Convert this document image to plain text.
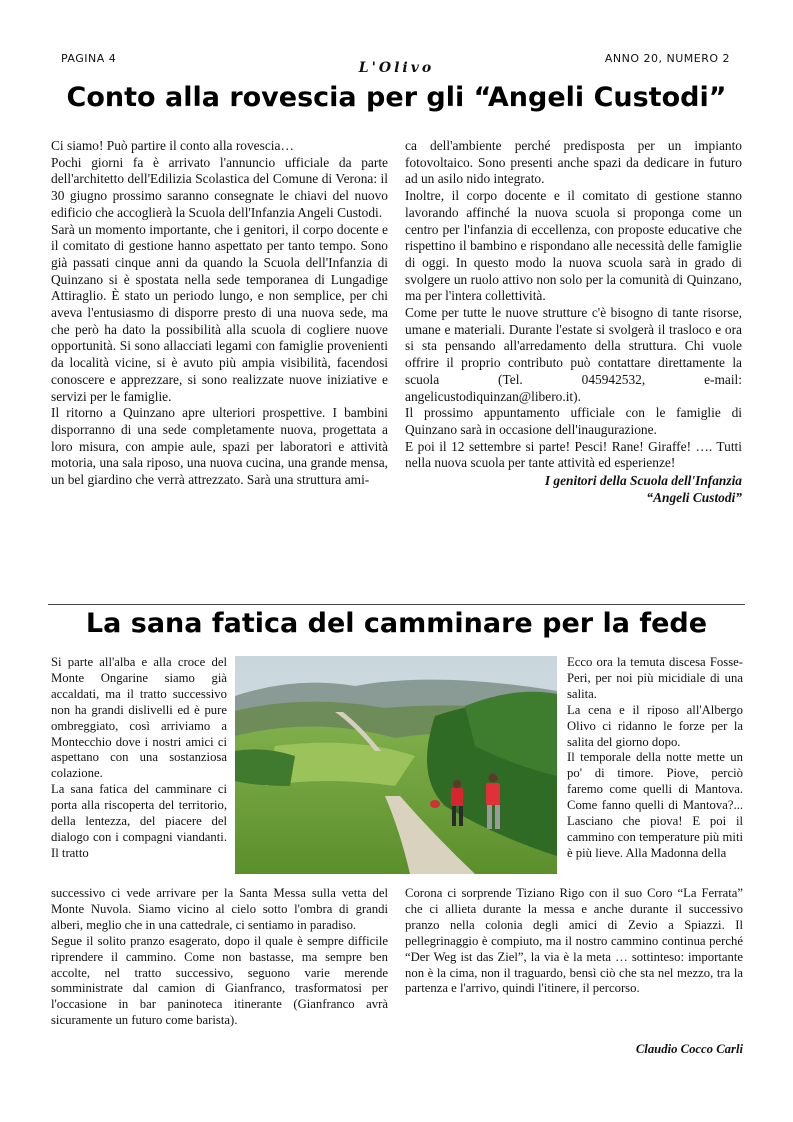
PAGINA 4
L'Olivo
ANNO 20, NUMERO 2
Conto alla rovescia per gli “Angeli Custodi”

Ci siamo! Può partire il conto alla rovescia…

Pochi giorni fa è arrivato l'annuncio ufficiale da parte dell'architetto dell'Edilizia Scolastica del Comune di Verona: il 30 giugno prossimo saranno consegnate le chiavi del nuovo edificio che accoglierà la Scuola dell'Infanzia Angeli Custodi.

Sarà un momento importante, che i genitori, il corpo docente e il comitato di gestione hanno aspettato per tanto tempo. Sono già passati cinque anni da quando la Scuola dell'Infanzia di Quinzano si è spostata nella sede temporanea di Lungadige Attiraglio. È stato un periodo lungo, e non semplice, per chi aveva l'entusiasmo di disporre presto di una nuova sede, ma che però ha dato la possibilità alla scuola di cogliere nuove opportunità. Si sono allacciati legami con famiglie provenienti da località vicine, si è avuto più ampia visibilità, facendosi conoscere e apprezzare, si sono realizzate nuove iniziative e servizi per le famiglie.

Il ritorno a Quinzano apre ulteriori prospettive. I bambini disporranno di una sede completamente nuova, progettata a loro misura, con ampie aule, spazi per laboratori e attività motoria, una sala riposo, una nuova cucina, una grande mensa, un bel giardino che verrà attrezzato. Sarà una struttura ami-

ca dell'ambiente perché predisposta per un impianto fotovoltaico. Sono presenti anche spazi da dedicare in futuro ad un asilo nido integrato.

Inoltre, il corpo docente e il comitato di gestione stanno lavorando affinché la nuova scuola si proponga come un centro per l'infanzia di eccellenza, con proposte educative che rispettino il bambino e rispondano alle necessità delle famiglie di oggi. In questo modo la nuova scuola sarà in grado di svolgere un ruolo attivo non solo per la comunità di Quinzano, ma per l'intera collettività.

Come per tutte le nuove strutture c'è bisogno di tante risorse, umane e materiali. Durante l'estate si svolgerà il trasloco e ora si sta pensando all'arredamento della struttura. Chi vuole offrire il proprio contributo può contattare direttamente la scuola (Tel. 045942532, e-mail: angelicustodiquinzan@libero.it).

Il prossimo appuntamento ufficiale con le famiglie di Quinzano sarà in occasione dell'inaugurazione.

E poi il 12 settembre si parte! Pesci! Rane! Giraffe! …. Tutti nella nuova scuola per tante attività ed esperienze!

I genitori della Scuola dell'Infanzia

“Angeli Custodi”

La sana fatica del camminare per la fede

Si parte all'alba e alla croce del Monte Ongarine siamo già accaldati, ma il tratto successivo non ha grandi dislivelli ed è pure ombreggiato, così arriviamo a Montecchio dove i nostri amici ci aspettano con una sostanziosa colazione.

La sana fatica del camminare ci porta alla riscoperta del territorio, della lentezza, del piacere del dialogo con i compagni viandanti. Il tratto

Ecco ora la temuta discesa Fosse-Peri, per noi più micidiale di una salita.

La cena e il riposo all'Albergo Olivo ci ridanno le forze per la salita del giorno dopo.

Il temporale della notte mette un po' di timore. Piove, perciò faremo come quelli di Mantova. Come fanno quelli di Mantova?... Lasciano che piova! E poi il cammino con temperature più miti è più lieve. Alla Madonna della

successivo ci vede arrivare per la Santa Messa sulla vetta del Monte Nuvola. Siamo vicino al cielo sotto l'ombra di grandi alberi, meglio che in una cattedrale, ci sentiamo in paradiso.

Segue il solito pranzo esagerato, dopo il quale è sempre difficile riprendere il cammino. Come non bastasse, ma sempre ben accolte, nel tratto successivo, seguono varie merende somministrate dal camion di Gianfranco, trasformatosi per l'occasione in bar paninoteca itinerante (Gianfranco avrà sicuramente un futuro come barista).

Corona ci sorprende Tiziano Rigo con il suo Coro “La Ferrata” che ci allieta durante la messa e anche durante il successivo pranzo nella colonia degli amici di Zevio a Spiazzi. Il pellegrinaggio è compiuto, ma il nostro cammino continua perché “Der Weg ist das Ziel”, la via è la meta … sottinteso: importante non è la cima, non il traguardo, bensì ciò che sta nel mezzo, tra la partenza e l'arrivo, quindi l'itinere, il percorso.

Claudio Cocco Carli
